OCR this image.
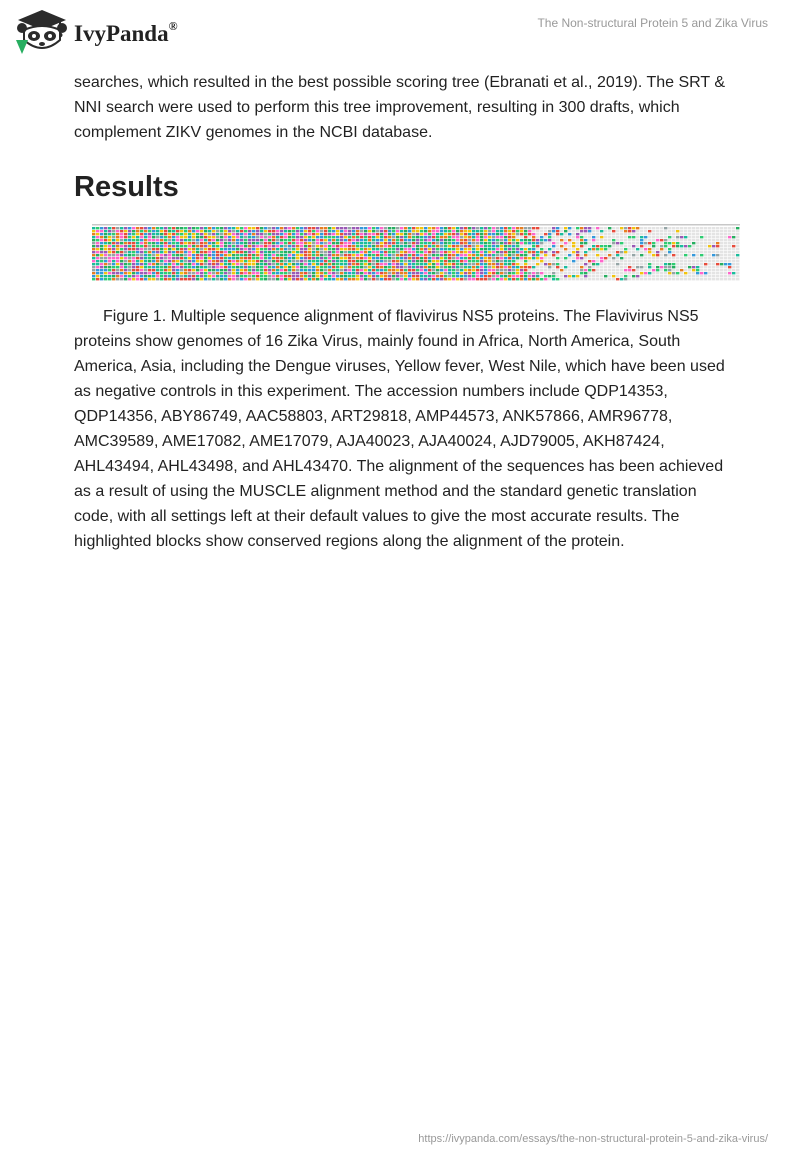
IvyPanda®	The Non-structural Protein 5 and Zika Virus

searches, which resulted in the best possible scoring tree (Ebranati et al., 2019). The SRT & NNI search were used to perform this tree improvement, resulting in 300 drafts, which complement ZIKV genomes in the NCBI database.

Results

Figure 1. Multiple sequence alignment of flavivirus NS5 proteins. The Flavivirus NS5 proteins show genomes of 16 Zika Virus, mainly found in Africa, North America, South America, Asia, including the Dengue viruses, Yellow fever, West Nile, which have been used as negative controls in this experiment. The accession numbers include QDP14353, QDP14356, ABY86749, AAC58803, ART29818, AMP44573, ANK57866, AMR96778, AMC39589, AME17082, AME17079, AJA40023, AJA40024, AJD79005, AKH87424, AHL43494, AHL43498, and AHL43470. The alignment of the sequences has been achieved as a result of using the MUSCLE alignment method and the standard genetic translation code, with all settings left at their default values to give the most accurate results. The highlighted blocks show conserved regions along the alignment of the protein.

https://ivypanda.com/essays/the-non-structural-protein-5-and-zika-virus/
